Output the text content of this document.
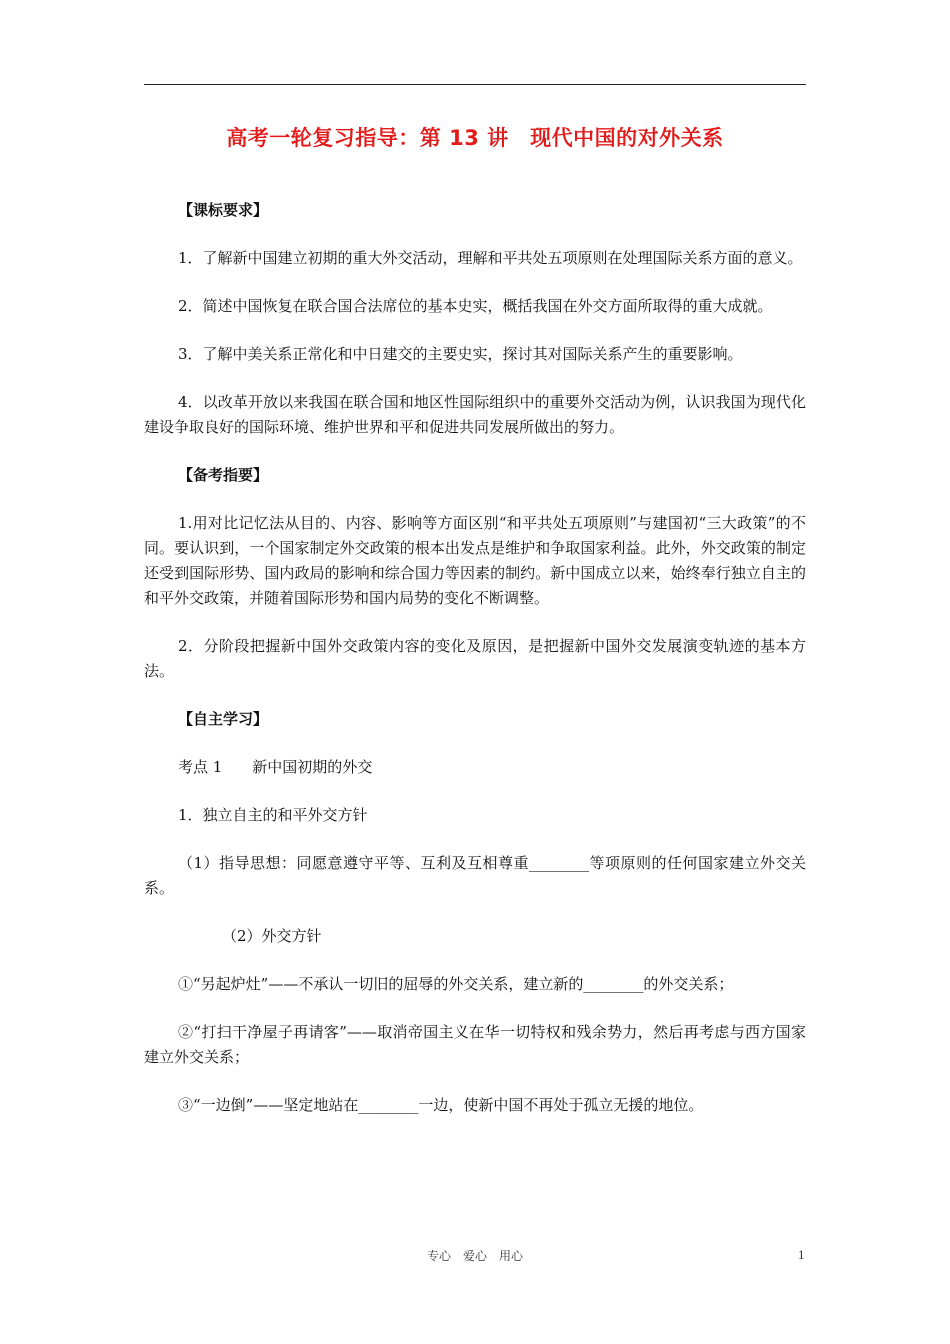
高考一轮复习指导：第 13 讲　现代中国的对外关系
【课标要求】
1．了解新中国建立初期的重大外交活动，理解和平共处五项原则在处理国际关系方面的意义。
2．简述中国恢复在联合国合法席位的基本史实，概括我国在外交方面所取得的重大成就。
3．了解中美关系正常化和中日建交的主要史实，探讨其对国际关系产生的重要影响。
4．以改革开放以来我国在联合国和地区性国际组织中的重要外交活动为例，认识我国为现代化建设争取良好的国际环境、维护世界和平和促进共同发展所做出的努力。
【备考指要】
1.用对比记忆法从目的、内容、影响等方面区别“和平共处五项原则”与建国初“三大政策”的不同。要认识到，一个国家制定外交政策的根本出发点是维护和争取国家利益。此外，外交政策的制定还受到国际形势、国内政局的影响和综合国力等因素的制约。新中国成立以来，始终奉行独立自主的和平外交政策，并随着国际形势和国内局势的变化不断调整。
2．分阶段把握新中国外交政策内容的变化及原因，是把握新中国外交发展演变轨迹的基本方法。
【自主学习】
考点 1　　新中国初期的外交
1．独立自主的和平外交方针
（1）指导思想：同愿意遵守平等、互利及互相尊重________等项原则的任何国家建立外交关系。
（2）外交方针
①“另起炉灶”——不承认一切旧的屈辱的外交关系，建立新的________的外交关系；
②“打扫干净屋子再请客”——取消帝国主义在华一切特权和残余势力，然后再考虑与西方国家建立外交关系；
③“一边倒”——坚定地站在________一边，使新中国不再处于孤立无援的地位。
专心　爱心　用心	1
